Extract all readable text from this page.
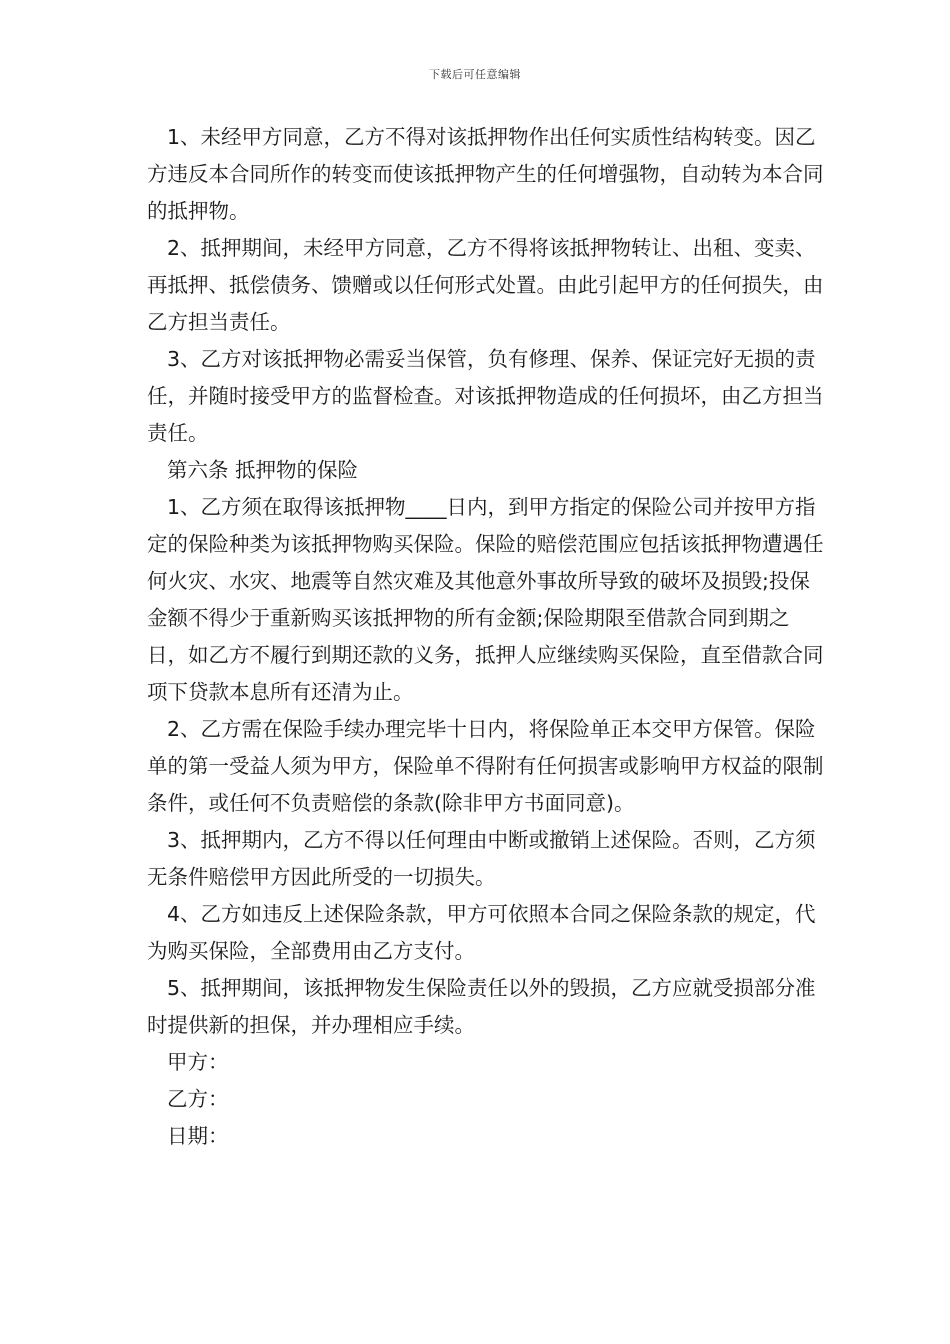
下载后可任意编辑

1、未经甲方同意，乙方不得对该抵押物作出任何实质性结构转变。因乙方违反本合同所作的转变而使该抵押物产生的任何增强物，自动转为本合同的抵押物。

2、抵押期间，未经甲方同意，乙方不得将该抵押物转让、出租、变卖、再抵押、抵偿债务、馈赠或以任何形式处置。由此引起甲方的任何损失，由乙方担当责任。

3、乙方对该抵押物必需妥当保管，负有修理、保养、保证完好无损的责任，并随时接受甲方的监督检查。对该抵押物造成的任何损坏，由乙方担当责任。

第六条 抵押物的保险

1、乙方须在取得该抵押物____日内，到甲方指定的保险公司并按甲方指定的保险种类为该抵押物购买保险。保险的赔偿范围应包括该抵押物遭遇任何火灾、水灾、地震等自然灾难及其他意外事故所导致的破坏及损毁;投保金额不得少于重新购买该抵押物的所有金额;保险期限至借款合同到期之日，如乙方不履行到期还款的义务，抵押人应继续购买保险，直至借款合同项下贷款本息所有还清为止。

2、乙方需在保险手续办理完毕十日内，将保险单正本交甲方保管。保险单的第一受益人须为甲方，保险单不得附有任何损害或影响甲方权益的限制条件，或任何不负责赔偿的条款(除非甲方书面同意)。

3、抵押期内，乙方不得以任何理由中断或撤销上述保险。否则，乙方须无条件赔偿甲方因此所受的一切损失。

4、乙方如违反上述保险条款，甲方可依照本合同之保险条款的规定，代为购买保险，全部费用由乙方支付。

5、抵押期间，该抵押物发生保险责任以外的毁损，乙方应就受损部分准时提供新的担保，并办理相应手续。

甲方：

乙方：

日期：
